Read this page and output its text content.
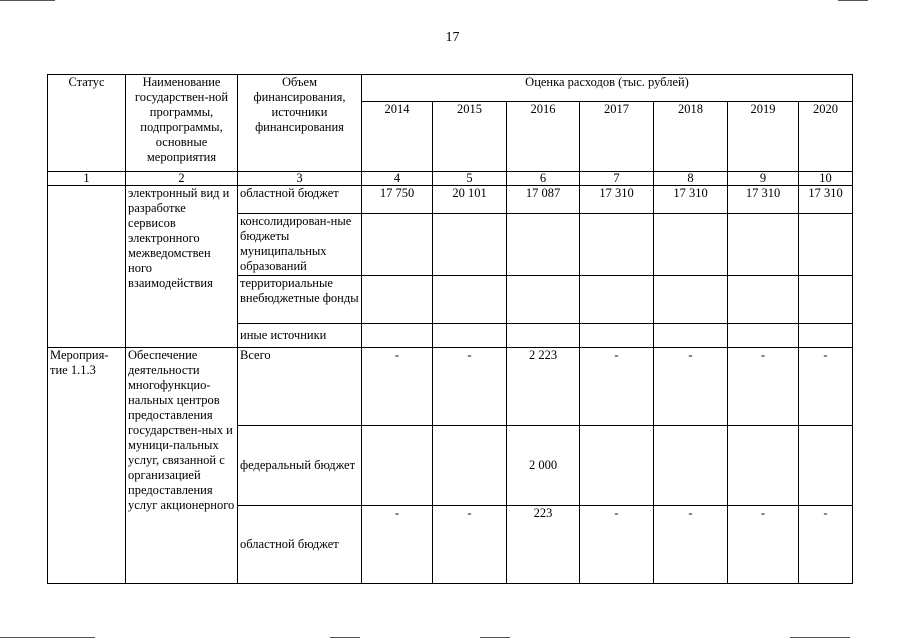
17
Статус	Наименование государствен-ной программы, подпрограммы, основные мероприятия	Объем финансирования, источники финансирования	Оценка расходов (тыс. рублей)						
			2014	2015	2016	2017	2018	2019	2020
1	2	3	4	5	6	7	8	9	10
	электронный вид и разработке сервисов электронного межведомствен ного взаимодействия	областной бюджет	17 750	20 101	17 087	17 310	17 310	17 310	17 310
		консолидирован-ные бюджеты муниципальных образований							
		территориальные внебюджетные фонды							
		иные источники							
Мероприя-тие 1.1.3	Обеспечение деятельности многофункцио-нальных центров предоставления государствен-ных и муници-пальных услуг, связанной с организацией предоставления услуг акционерного	Всего	-	-	2 223	-	-	-	-
		федеральный бюджет			2 000				
		областной бюджет	-	-	223	-	-	-	-
